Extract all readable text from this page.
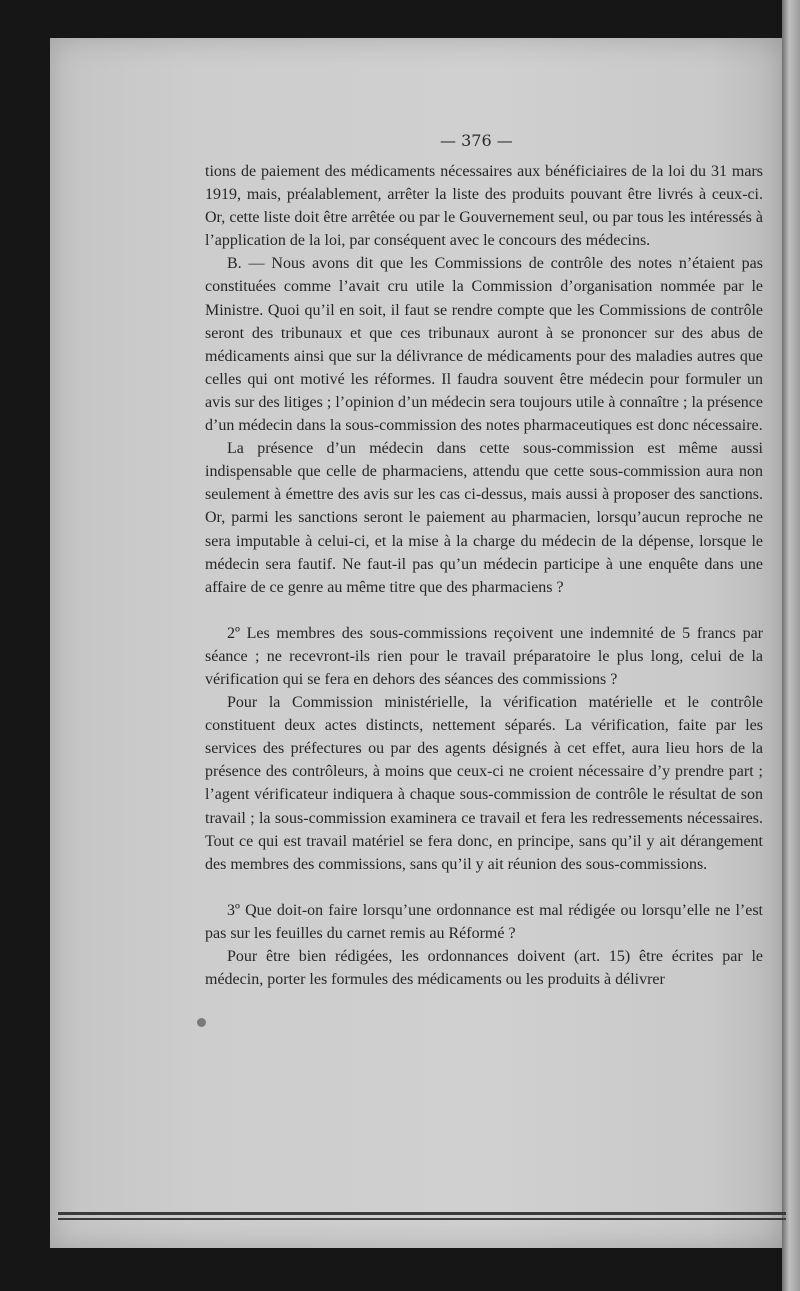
— 376 —

tions de paiement des médicaments nécessaires aux bénéficiaires de la loi du 31 mars 1919, mais, préalablement, arrêter la liste des produits pouvant être livrés à ceux-ci. Or, cette liste doit être arrêtée ou par le Gouvernement seul, ou par tous les intéressés à l’application de la loi, par conséquent avec le concours des médecins.

B. — Nous avons dit que les Commissions de contrôle des notes n’étaient pas constituées comme l’avait cru utile la Commission d’organisation nommée par le Ministre. Quoi qu’il en soit, il faut se rendre compte que les Commissions de contrôle seront des tribunaux et que ces tribunaux auront à se prononcer sur des abus de médicaments ainsi que sur la délivrance de médicaments pour des maladies autres que celles qui ont motivé les réformes. Il faudra souvent être médecin pour formuler un avis sur des litiges ; l’opinion d’un médecin sera toujours utile à connaître ; la présence d’un médecin dans la sous-commission des notes pharmaceutiques est donc nécessaire.

La présence d’un médecin dans cette sous-commission est même aussi indispensable que celle de pharmaciens, attendu que cette sous-commission aura non seulement à émettre des avis sur les cas ci-dessus, mais aussi à proposer des sanctions. Or, parmi les sanctions seront le paiement au pharmacien, lorsqu’aucun reproche ne sera imputable à celui-ci, et la mise à la charge du médecin de la dépense, lorsque le médecin sera fautif. Ne faut-il pas qu’un médecin participe à une enquête dans une affaire de ce genre au même titre que des pharmaciens ?

2º Les membres des sous-commissions reçoivent une indemnité de 5 francs par séance ; ne recevront-ils rien pour le travail préparatoire le plus long, celui de la vérification qui se fera en dehors des séances des commissions ?

Pour la Commission ministérielle, la vérification matérielle et le contrôle constituent deux actes distincts, nettement séparés. La vérification, faite par les services des préfectures ou par des agents désignés à cet effet, aura lieu hors de la présence des contrôleurs, à moins que ceux-ci ne croient nécessaire d’y prendre part ; l’agent vérificateur indiquera à chaque sous-commission de contrôle le résultat de son travail ; la sous-commission examinera ce travail et fera les redressements nécessaires. Tout ce qui est travail matériel se fera donc, en principe, sans qu’il y ait dérangement des membres des commissions, sans qu’il y ait réunion des sous-commissions.

3º Que doit-on faire lorsqu’une ordonnance est mal rédigée ou lorsqu’elle ne l’est pas sur les feuilles du carnet remis au Réformé ?

Pour être bien rédigées, les ordonnances doivent (art. 15) être écrites par le médecin, porter les formules des médicaments ou les produits à délivrer
